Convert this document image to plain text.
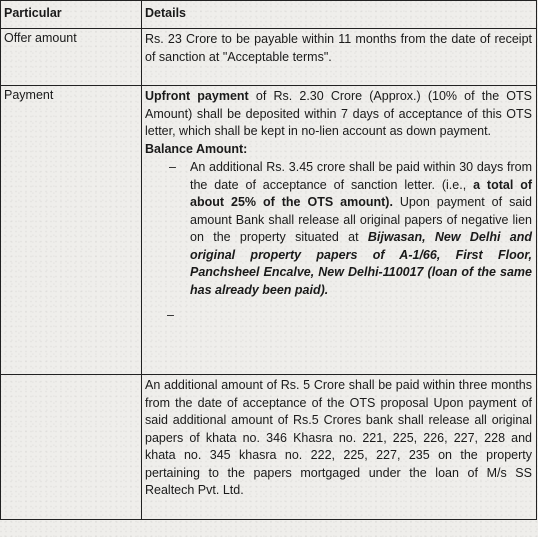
Particular	Details
Offer amount	Rs. 23 Crore to be payable within 11 months from the date of receipt of sanction at "Acceptable terms".

Payment	Upfront payment of Rs. 2.30 Crore (Approx.) (10% of the OTS Amount) shall be deposited within 7 days of acceptance of this OTS letter, which shall be kept in no-lien account as down payment.

Balance Amount:
– An additional Rs. 3.45 crore shall be paid within 30 days from the date of acceptance of sanction letter. (i.e., a total of about 25% of the OTS amount). Upon payment of said amount Bank shall release all original papers of negative lien on the property situated at Bijwasan, New Delhi and original property papers of A-1/66, First Floor, Panchsheel Encalve, New Delhi-110017 (loan of the same has already been paid).

–

	An additional amount of Rs. 5 Crore shall be paid within three months from the date of acceptance of the OTS proposal Upon payment of said additional amount of Rs.5 Crores bank shall release all original papers of khata no. 346 Khasra no. 221, 225, 226, 227, 228 and khata no. 345 khasra no. 222, 225, 227, 235 on the property pertaining to the papers mortgaged under the loan of M/s SS Realtech Pvt. Ltd.
